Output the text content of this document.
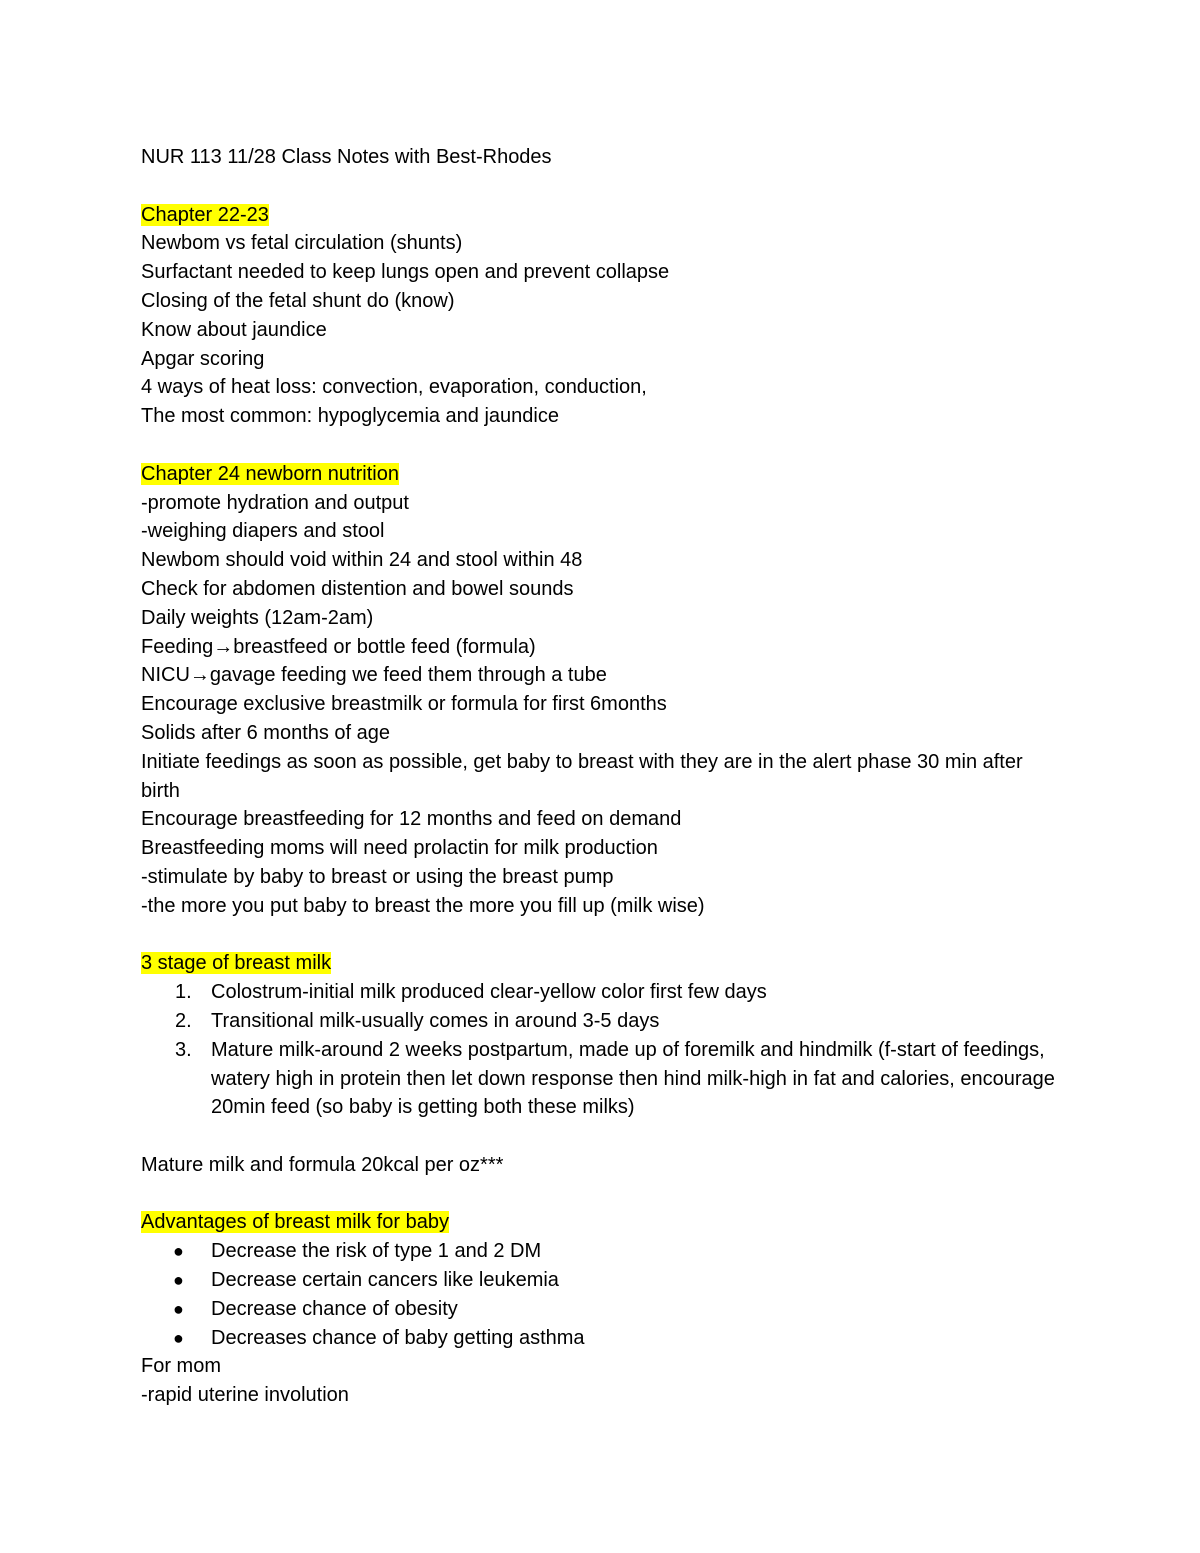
NUR 113 11/28 Class Notes with Best-Rhodes
Chapter 22-23
Newbom vs fetal circulation (shunts)
Surfactant needed to keep lungs open and prevent collapse
Closing of the fetal shunt do (know)
Know about jaundice
Apgar scoring
4 ways of heat loss: convection, evaporation, conduction,
The most common: hypoglycemia and jaundice
Chapter 24 newborn nutrition
-promote hydration and output
-weighing diapers and stool
Newbom should void within 24 and stool within 48
Check for abdomen distention and bowel sounds
Daily weights (12am-2am)
Feeding→breastfeed or bottle feed (formula)
NICU→gavage feeding we feed them through a tube
Encourage exclusive breastmilk or formula for first 6months
Solids after 6 months of age
Initiate feedings as soon as possible, get baby to breast with they are in the alert phase 30 min after birth
Encourage breastfeeding for 12 months and feed on demand
Breastfeeding moms will need prolactin for milk production
-stimulate by baby to breast or using the breast pump
-the more you put baby to breast the more you fill up (milk wise)
3 stage of breast milk
1. Colostrum-initial milk produced clear-yellow color first few days
2. Transitional milk-usually comes in around 3-5 days
3. Mature milk-around 2 weeks postpartum, made up of foremilk and hindmilk (f-start of feedings, watery high in protein then let down response then hind milk-high in fat and calories, encourage 20min feed (so baby is getting both these milks)
Mature milk and formula 20kcal per oz***
Advantages of breast milk for baby
● Decrease the risk of type 1 and 2 DM
● Decrease certain cancers like leukemia
● Decrease chance of obesity
● Decreases chance of baby getting asthma
For mom
-rapid uterine involution
